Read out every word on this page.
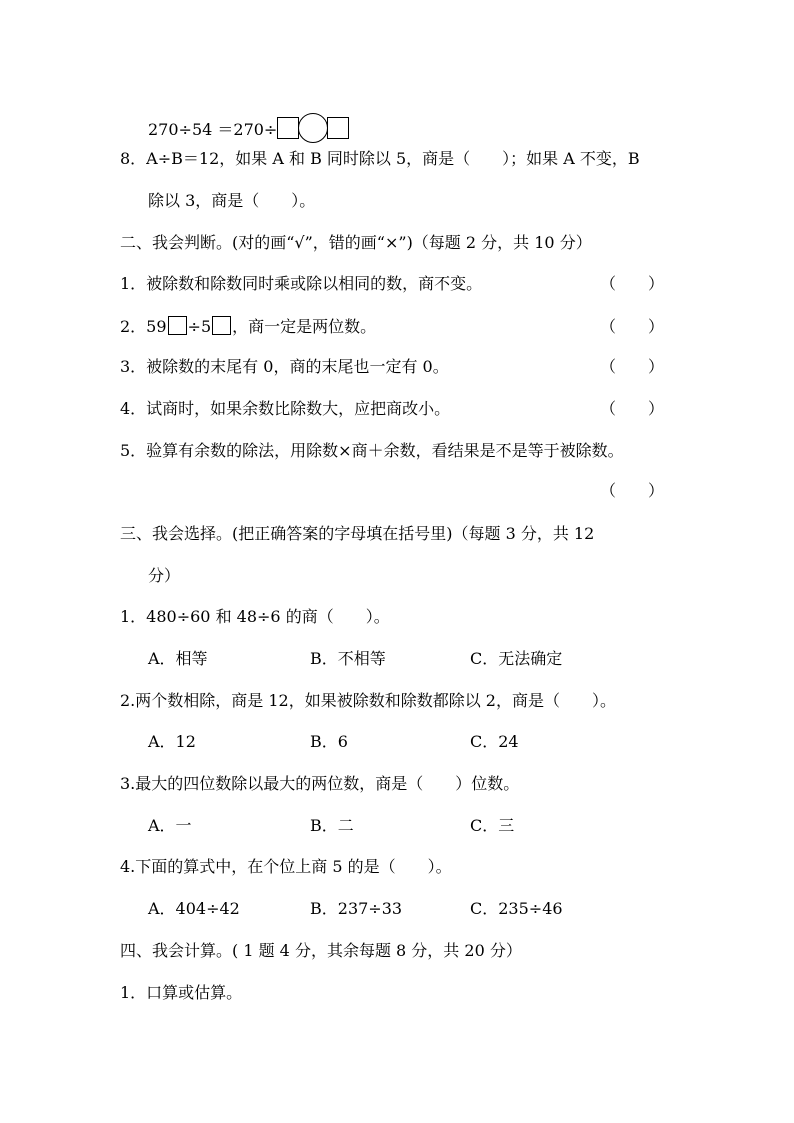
270÷54 ＝270÷
8．A÷B＝12，如果 A 和 B 同时除以 5，商是（　　）；如果 A 不变，B
除以 3，商是（　　）。
二、我会判断。(对的画“√”，错的画“×”)（每题 2 分，共 10 分）
1．被除数和除数同时乘或除以相同的数，商不变。	（　　）
2．59 ÷5 ，商一定是两位数。	（　　）
3．被除数的末尾有 0，商的末尾也一定有 0。	（　　）
4．试商时，如果余数比除数大，应把商改小。	（　　）
5．验算有余数的除法，用除数×商＋余数，看结果是不是等于被除数。
（　　）
三、我会选择。(把正确答案的字母填在括号里)（每题 3 分，共 12
分）
1．480÷60 和 48÷6 的商（　　）。
A．相等	B．不相等	C．无法确定
2.两个数相除，商是 12，如果被除数和除数都除以 2，商是（　　）。
A．12	B．6	C．24
3.最大的四位数除以最大的两位数，商是（　　）位数。
A．一	B．二	C．三
4.下面的算式中，在个位上商 5 的是（　　）。
A．404÷42	B．237÷33	C．235÷46
四、我会计算。( 1 题 4 分，其余每题 8 分，共 20 分）
1．口算或估算。
